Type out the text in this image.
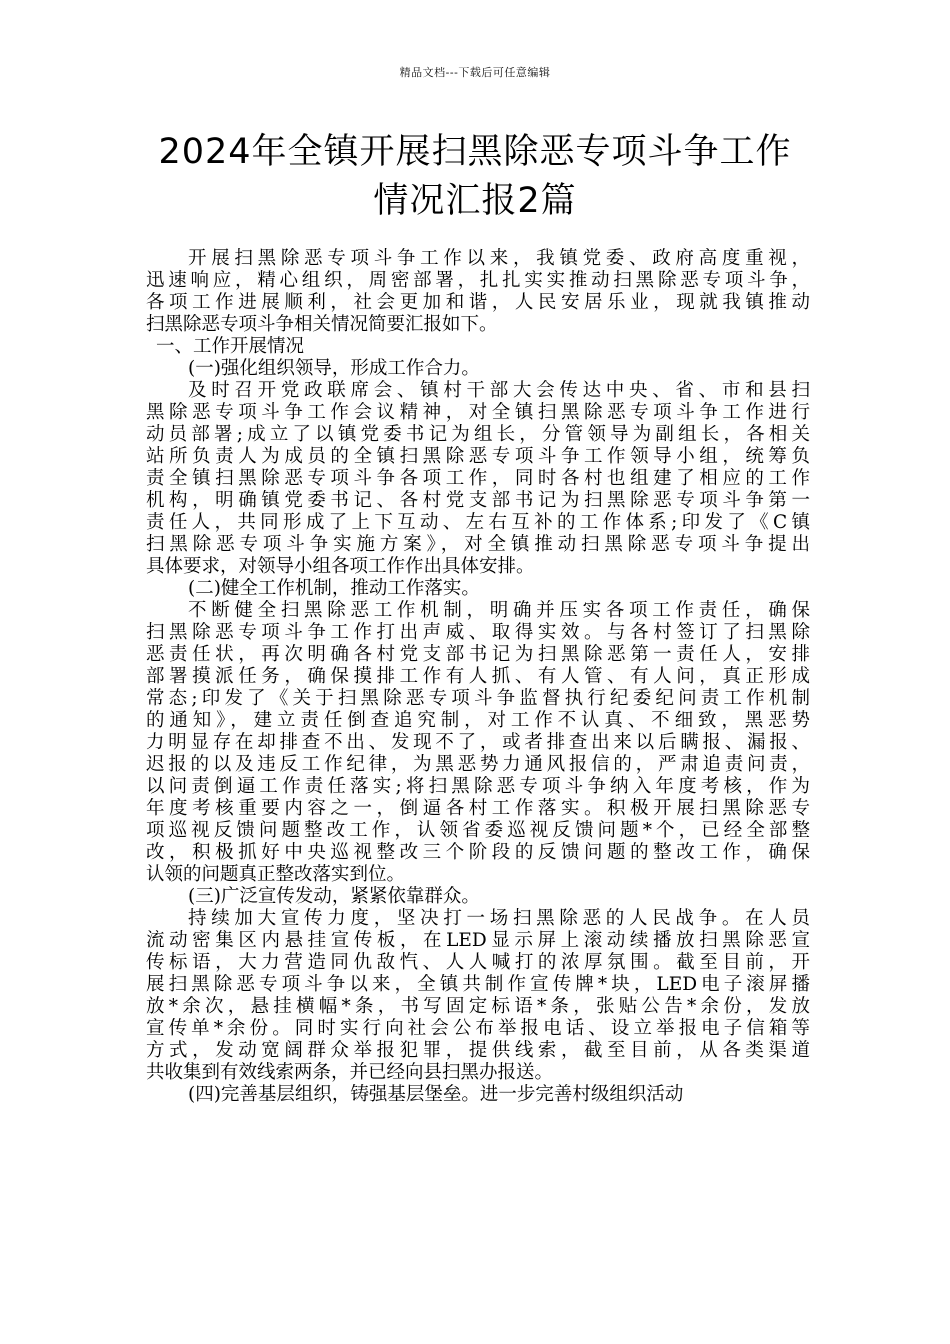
精品文档---下载后可任意编辑
2024年全镇开展扫黑除恶专项斗争工作
情况汇报2篇
开展扫黑除恶专项斗争工作以来，我镇党委、政府高度重视，
迅速响应，精心组织，周密部署，扎扎实实推动扫黑除恶专项斗争，
各项工作进展顺利，社会更加和谐，人民安居乐业，现就我镇推动
扫黑除恶专项斗争相关情况简要汇报如下。
一、工作开展情况
(一)强化组织领导，形成工作合力。
及时召开党政联席会、镇村干部大会传达中央、省、市和县扫
黑除恶专项斗争工作会议精神，对全镇扫黑除恶专项斗争工作进行
动员部署;成立了以镇党委书记为组长，分管领导为副组长，各相关
站所负责人为成员的全镇扫黑除恶专项斗争工作领导小组，统筹负
责全镇扫黑除恶专项斗争各项工作，同时各村也组建了相应的工作
机构，明确镇党委书记、各村党支部书记为扫黑除恶专项斗争第一
责任人，共同形成了上下互动、左右互补的工作体系;印发了《C镇
扫黑除恶专项斗争实施方案》，对全镇推动扫黑除恶专项斗争提出
具体要求，对领导小组各项工作作出具体安排。
(二)健全工作机制，推动工作落实。
不断健全扫黑除恶工作机制，明确并压实各项工作责任，确保
扫黑除恶专项斗争工作打出声威、取得实效。与各村签订了扫黑除
恶责任状，再次明确各村党支部书记为扫黑除恶第一责任人，安排
部署摸派任务，确保摸排工作有人抓、有人管、有人问，真正形成
常态;印发了《关于扫黑除恶专项斗争监督执行纪委纪问责工作机制
的通知》，建立责任倒查追究制，对工作不认真、不细致，黑恶势
力明显存在却排查不出、发现不了，或者排查出来以后瞒报、漏报、
迟报的以及违反工作纪律，为黑恶势力通风报信的，严肃追责问责，
以问责倒逼工作责任落实;将扫黑除恶专项斗争纳入年度考核，作为
年度考核重要内容之一，倒逼各村工作落实。积极开展扫黑除恶专
项巡视反馈问题整改工作，认领省委巡视反馈问题*个，已经全部整
改，积极抓好中央巡视整改三个阶段的反馈问题的整改工作，确保
认领的问题真正整改落实到位。
(三)广泛宣传发动，紧紧依靠群众。
持续加大宣传力度，坚决打一场扫黑除恶的人民战争。在人员
流动密集区内悬挂宣传板，在LED显示屏上滚动续播放扫黑除恶宣
传标语，大力营造同仇敌忾、人人喊打的浓厚氛围。截至目前，开
展扫黑除恶专项斗争以来，全镇共制作宣传牌*块，LED电子滚屏播
放*余次，悬挂横幅*条，书写固定标语*条，张贴公告*余份，发放
宣传单*余份。同时实行向社会公布举报电话、设立举报电子信箱等
方式，发动宽阔群众举报犯罪，提供线索，截至目前，从各类渠道
共收集到有效线索两条，并已经向县扫黑办报送。
(四)完善基层组织，铸强基层堡垒。进一步完善村级组织活动
